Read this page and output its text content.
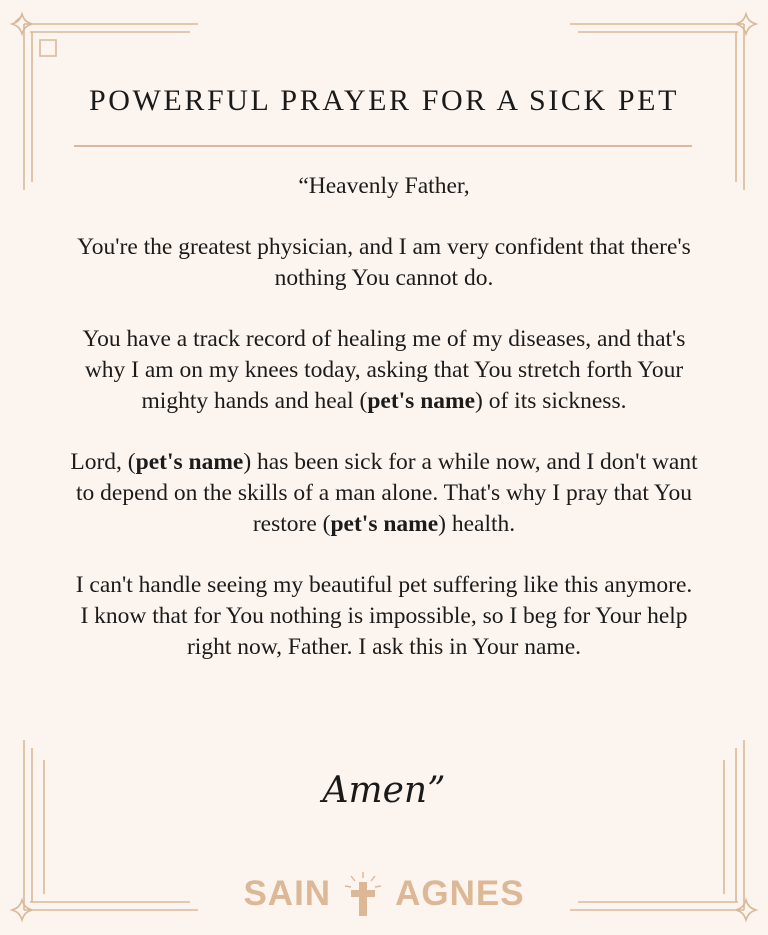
POWERFUL PRAYER FOR A SICK PET

“Heavenly Father,

You're the greatest physician, and I am very confident that there's nothing You cannot do.

You have a track record of healing me of my diseases, and that's why I am on my knees today, asking that You stretch forth Your mighty hands and heal (pet's name) of its sickness.

Lord, (pet's name) has been sick for a while now, and I don't want to depend on the skills of a man alone. That's why I pray that You restore (pet's name) health.

I can't handle seeing my beautiful pet suffering like this anymore. I know that for You nothing is impossible, so I beg for Your help right now, Father. I ask this in Your name.

Amen”
SAIN AGNES
